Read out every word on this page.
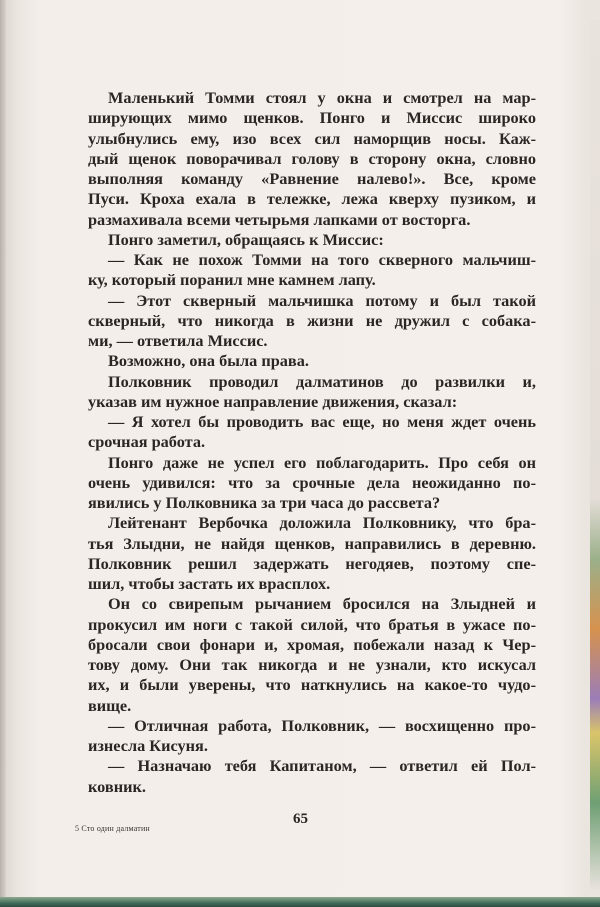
Маленький Томми стоял у окна и смотрел на мар-
ширующих мимо щенков. Понго и Миссис широко
улыбнулись ему, изо всех сил наморщив носы. Каж-
дый щенок поворачивал голову в сторону окна, словно
выполняя команду «Равнение налево!». Все, кроме
Пуси. Кроха ехала в тележке, лежа кверху пузиком, и
размахивала всеми четырьмя лапками от восторга.
Понго заметил, обращаясь к Миссис:
— Как не похож Томми на того скверного мальчиш-
ку, который поранил мне камнем лапу.
— Этот скверный мальчишка потому и был такой
скверный, что никогда в жизни не дружил с собака-
ми, — ответила Миссис.
Возможно, она была права.
Полковник проводил далматинов до развилки и,
указав им нужное направление движения, сказал:
— Я хотел бы проводить вас еще, но меня ждет очень
срочная работа.
Понго даже не успел его поблагодарить. Про себя он
очень удивился: что за срочные дела неожиданно по-
явились у Полковника за три часа до рассвета?
Лейтенант Вербочка доложила Полковнику, что бра-
тья Злыдни, не найдя щенков, направились в деревню.
Полковник решил задержать негодяев, поэтому спе-
шил, чтобы застать их врасплох.
Он со свирепым рычанием бросился на Злыдней и
прокусил им ноги с такой силой, что братья в ужасе по-
бросали свои фонари и, хромая, побежали назад к Чер-
тову дому. Они так никогда и не узнали, кто искусал
их, и были уверены, что наткнулись на какое-то чудо-
вище.
— Отличная работа, Полковник, — восхищенно про-
изнесла Кисуня.
— Назначаю тебя Капитаном, — ответил ей Пол-
ковник.
65
5 Сто один далматин
